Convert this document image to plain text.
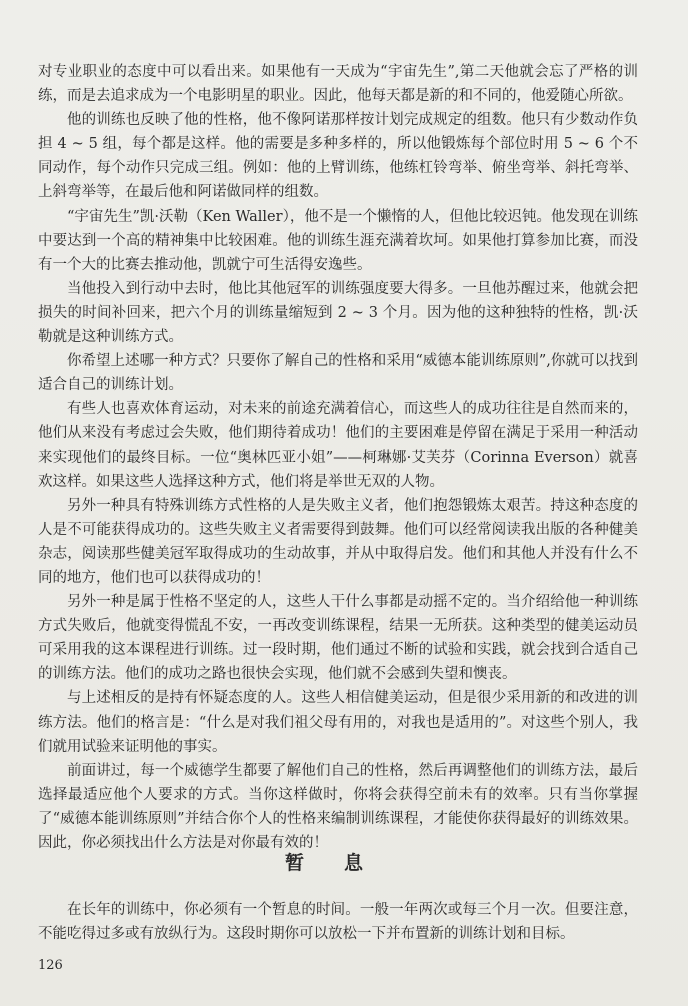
对专业职业的态度中可以看出来。如果他有一天成为“宇宙先生”,第二天他就会忘了严格的训练，而是去追求成为一个电影明星的职业。因此，他每天都是新的和不同的，他爱随心所欲。

他的训练也反映了他的性格，他不像阿诺那样按计划完成规定的组数。他只有少数动作负担 4 ~ 5 组，每个都是这样。他的需要是多种多样的，所以他锻炼每个部位时用 5 ~ 6 个不同动作，每个动作只完成三组。例如：他的上臂训练，他练杠铃弯举、俯坐弯举、斜托弯举、上斜弯举等，在最后他和阿诺做同样的组数。

“宇宙先生”凯·沃勒（Ken Waller），他不是一个懒惰的人，但他比较迟钝。他发现在训练中要达到一个高的精神集中比较困难。他的训练生涯充满着坎坷。如果他打算参加比赛，而没有一个大的比赛去推动他，凯就宁可生活得安逸些。

当他投入到行动中去时，他比其他冠军的训练强度要大得多。一旦他苏醒过来，他就会把损失的时间补回来，把六个月的训练量缩短到 2 ~ 3 个月。因为他的这种独特的性格，凯·沃勒就是这种训练方式。

你希望上述哪一种方式？只要你了解自己的性格和采用“威德本能训练原则”,你就可以找到适合自己的训练计划。

有些人也喜欢体育运动，对未来的前途充满着信心，而这些人的成功往往是自然而来的，他们从来没有考虑过会失败，他们期待着成功！他们的主要困难是停留在满足于采用一种活动来实现他们的最终目标。一位“奥林匹亚小姐”——柯琳娜·艾芙芬（Corinna Everson）就喜欢这样。如果这些人选择这种方式，他们将是举世无双的人物。

另外一种具有特殊训练方式性格的人是失败主义者，他们抱怨锻炼太艰苦。持这种态度的人是不可能获得成功的。这些失败主义者需要得到鼓舞。他们可以经常阅读我出版的各种健美杂志，阅读那些健美冠军取得成功的生动故事，并从中取得启发。他们和其他人并没有什么不同的地方，他们也可以获得成功的！

另外一种是属于性格不坚定的人，这些人干什么事都是动摇不定的。当介绍给他一种训练方式失败后，他就变得慌乱不安，一再改变训练课程，结果一无所获。这种类型的健美运动员可采用我的这本课程进行训练。过一段时期，他们通过不断的试验和实践，就会找到合适自己的训练方法。他们的成功之路也很快会实现，他们就不会感到失望和懊丧。

与上述相反的是持有怀疑态度的人。这些人相信健美运动，但是很少采用新的和改进的训练方法。他们的格言是：“什么是对我们祖父母有用的，对我也是适用的”。对这些个别人，我们就用试验来证明他的事实。

前面讲过，每一个威德学生都要了解他们自己的性格，然后再调整他们的训练方法，最后选择最适应他个人要求的方式。当你这样做时，你将会获得空前未有的效率。只有当你掌握了“威德本能训练原则”并结合你个人的性格来编制训练课程，才能使你获得最好的训练效果。因此，你必须找出什么方法是对你最有效的！

暂息

在长年的训练中，你必须有一个暂息的时间。一般一年两次或每三个月一次。但要注意，不能吃得过多或有放纵行为。这段时期你可以放松一下并布置新的训练计划和目标。

126
